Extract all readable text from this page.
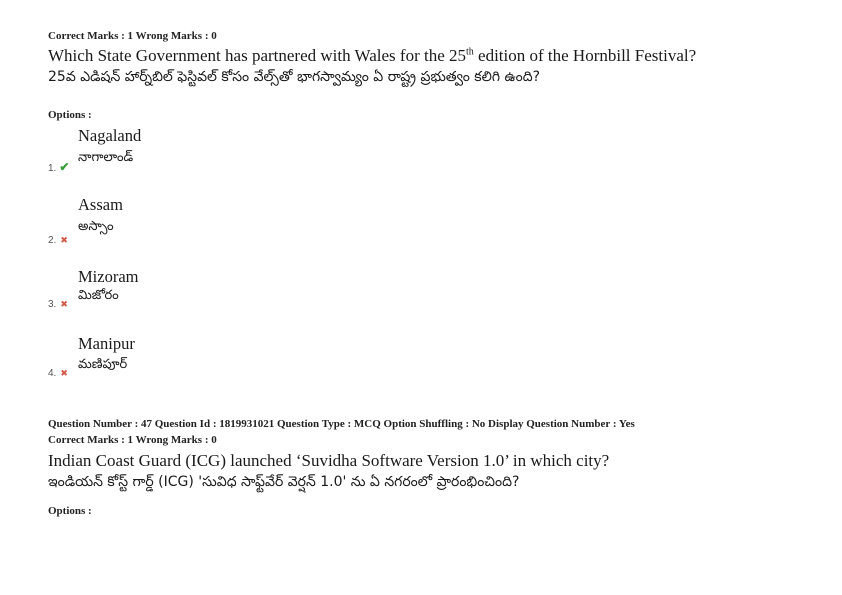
Correct Marks : 1 Wrong Marks : 0
Which State Government has partnered with Wales for the 25th edition of the Hornbill Festival?
25వ ఎడిషన్ హార్న్‌బిల్ ఫెస్టివల్ కోసం వేల్స్‌తో భాగస్వామ్యం ఏ రాష్ట్ర ప్రభుత్వం కలిగి ఉంది?
Options :
Nagaland
నాగాలాండ్
1. ✔
Assam
అస్సాం
2. ✖
Mizoram
మిజోరం
3. ✖
Manipur
మణిపూర్
4. ✖
Question Number : 47 Question Id : 1819931021 Question Type : MCQ Option Shuffling : No Display Question Number : Yes
Correct Marks : 1 Wrong Marks : 0
Indian Coast Guard (ICG) launched ‘Suvidha Software Version 1.0’ in which city?
ఇండియన్ కోస్ట్ గార్డ్ (ICG) 'సువిధ సాఫ్ట్‌వేర్ వెర్షన్ 1.0' ను ఏ నగరంలో ప్రారంభించింది?
Options :
